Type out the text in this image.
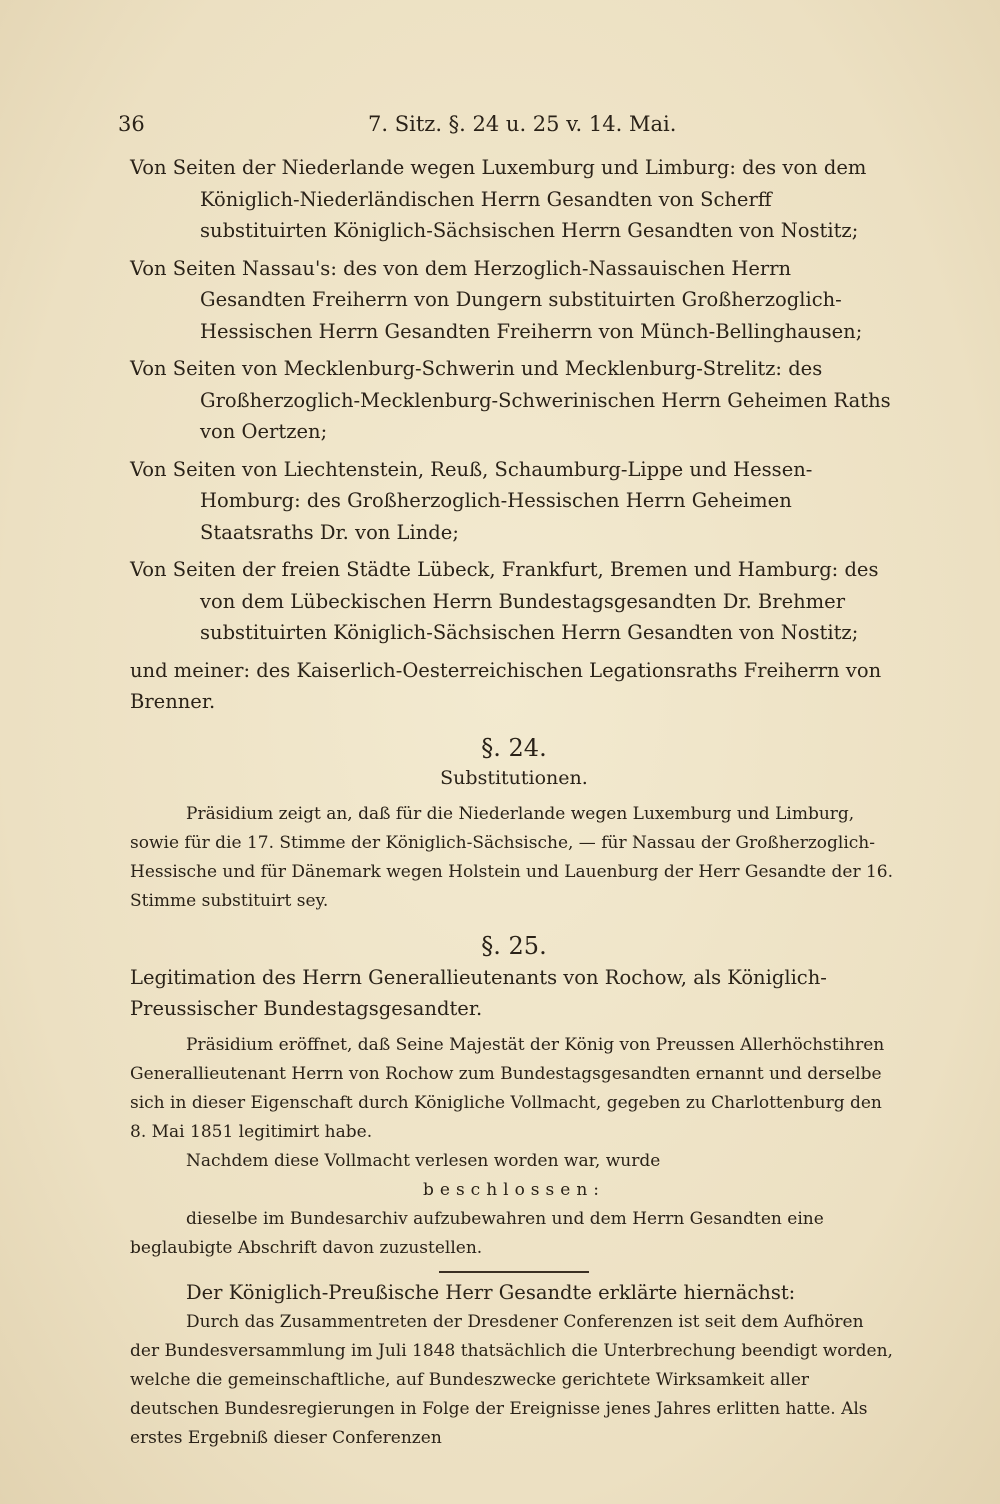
36	7. Sitz. §. 24 u. 25 v. 14. Mai.

Von Seiten der Niederlande wegen Luxemburg und Limburg: des von dem Königlich-Niederländischen Herrn Gesandten von Scherff substituirten Königlich-Sächsischen Herrn Gesandten von Nostitz;

Von Seiten Nassau's: des von dem Herzoglich-Nassauischen Herrn Gesandten Freiherrn von Dungern substituirten Großherzoglich-Hessischen Herrn Gesandten Freiherrn von Münch-Bellinghausen;

Von Seiten von Mecklenburg-Schwerin und Mecklenburg-Strelitz: des Großherzoglich-Mecklenburg-Schwerinischen Herrn Geheimen Raths von Oertzen;

Von Seiten von Liechtenstein, Reuß, Schaumburg-Lippe und Hessen-Homburg: des Großherzoglich-Hessischen Herrn Geheimen Staatsraths Dr. von Linde;

Von Seiten der freien Städte Lübeck, Frankfurt, Bremen und Hamburg: des von dem Lübeckischen Herrn Bundestagsgesandten Dr. Brehmer substituirten Königlich-Sächsischen Herrn Gesandten von Nostitz;

und meiner: des Kaiserlich-Oesterreichischen Legationsraths Freiherrn von Brenner.

§. 24.

Substitutionen.

Präsidium zeigt an, daß für die Niederlande wegen Luxemburg und Limburg, sowie für die 17. Stimme der Königlich-Sächsische, — für Nassau der Großherzoglich-Hessische und für Dänemark wegen Holstein und Lauenburg der Herr Gesandte der 16. Stimme substituirt sey.

§. 25.

Legitimation des Herrn Generallieutenants von Rochow, als Königlich-Preussischer Bundestagsgesandter.

Präsidium eröffnet, daß Seine Majestät der König von Preussen Allerhöchstihren Generallieutenant Herrn von Rochow zum Bundestagsgesandten ernannt und derselbe sich in dieser Eigenschaft durch Königliche Vollmacht, gegeben zu Charlottenburg den 8. Mai 1851 legitimirt habe.

Nachdem diese Vollmacht verlesen worden war, wurde

beschlossen:

dieselbe im Bundesarchiv aufzubewahren und dem Herrn Gesandten eine beglaubigte Abschrift davon zuzustellen.

Der Königlich-Preußische Herr Gesandte erklärte hiernächst:

Durch das Zusammentreten der Dresdener Conferenzen ist seit dem Aufhören der Bundesversammlung im Juli 1848 thatsächlich die Unterbrechung beendigt worden, welche die gemeinschaftliche, auf Bundeszwecke gerichtete Wirksamkeit aller deutschen Bundesregierungen in Folge der Ereignisse jenes Jahres erlitten hatte. Als erstes Ergebniß dieser Conferenzen
